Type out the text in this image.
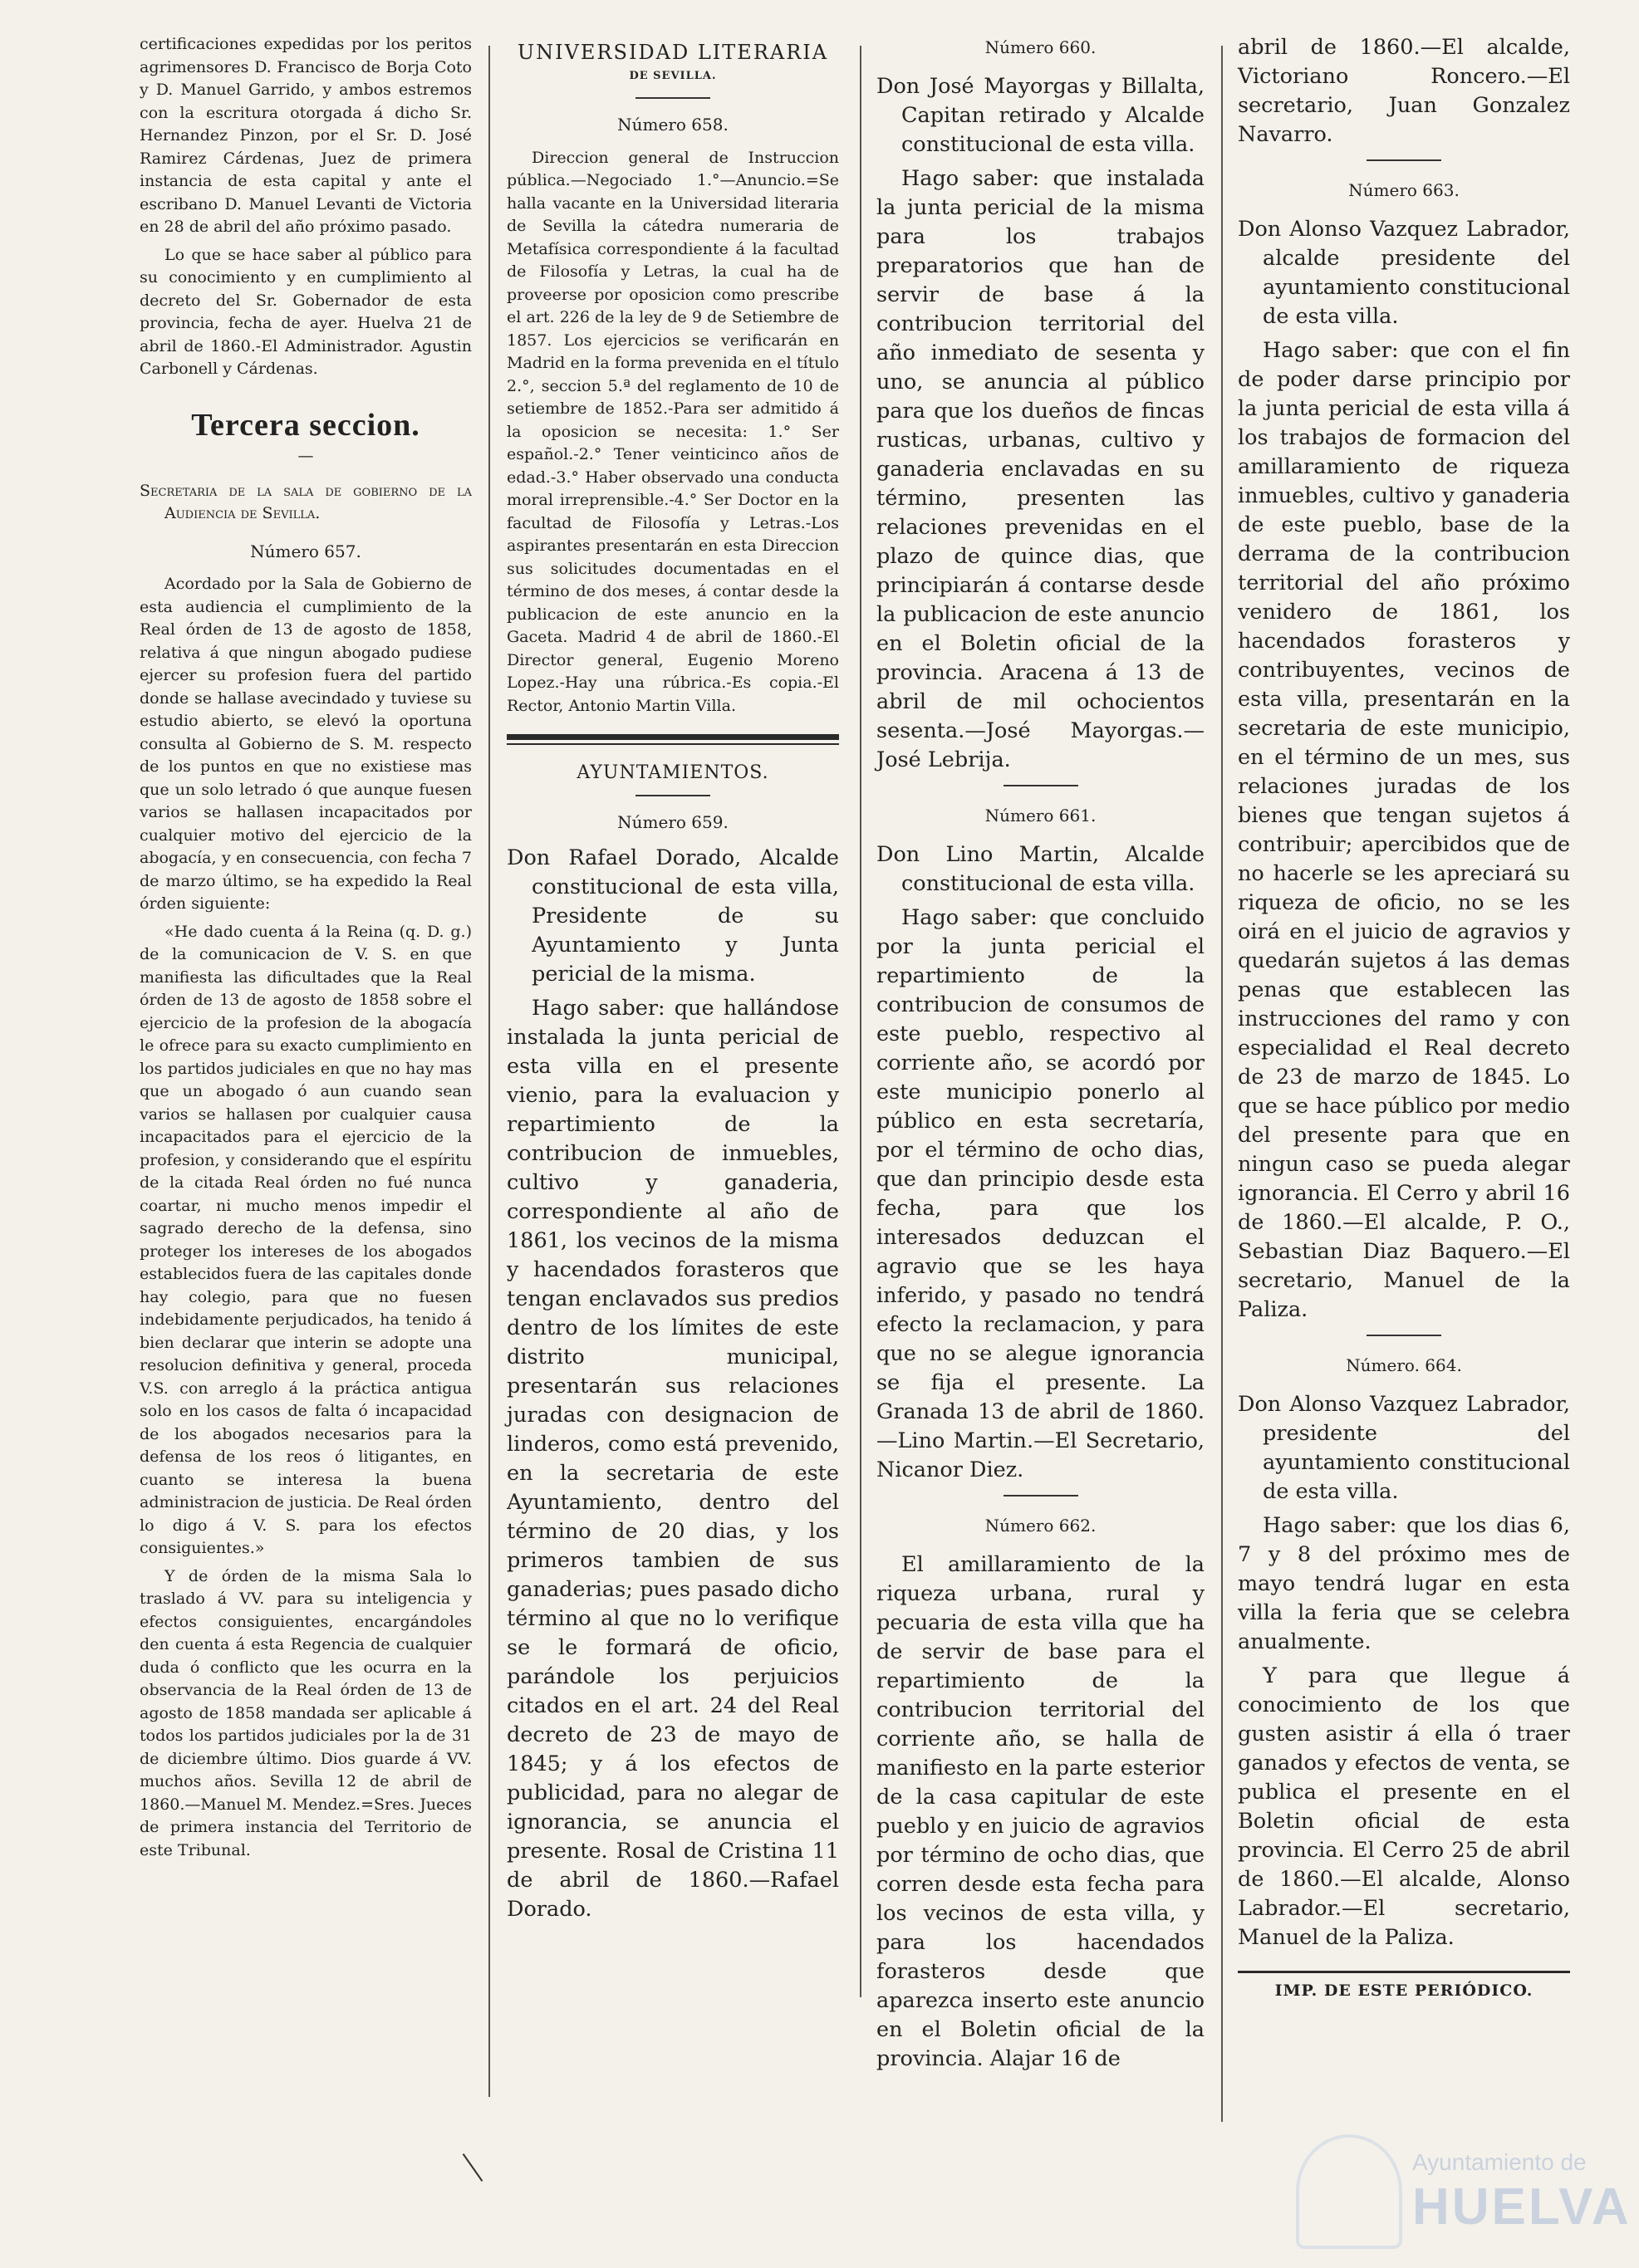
certificaciones expedidas por los peritos agrimensores D. Francisco de Borja Coto y D. Manuel Garrido, y ambos estremos con la escritura otorgada á dicho Sr. Hernandez Pinzon, por el Sr. D. José Ramirez Cárdenas, Juez de primera instancia de esta capital y ante el escribano D. Manuel Levanti de Victoria en 28 de abril del año próximo pasado.

Lo que se hace saber al público para su conocimiento y en cumplimiento al decreto del Sr. Gobernador de esta provincia, fecha de ayer. Huelva 21 de abril de 1860.-El Administrador. Agustin Carbonell y Cárdenas.

Tercera seccion.
—

Secretaria de la sala de gobierno de la Audiencia de Sevilla.

Número 657.

Acordado por la Sala de Gobierno de esta audiencia el cumplimiento de la Real órden de 13 de agosto de 1858, relativa á que ningun abogado pudiese ejercer su profesion fuera del partido donde se hallase avecindado y tuviese su estudio abierto, se elevó la oportuna consulta al Gobierno de S. M. respecto de los puntos en que no existiese mas que un solo letrado ó que aunque fuesen varios se hallasen incapacitados por cualquier motivo del ejercicio de la abogacía, y en consecuencia, con fecha 7 de marzo último, se ha expedido la Real órden siguiente:

«He dado cuenta á la Reina (q. D. g.) de la comunicacion de V. S. en que manifiesta las dificultades que la Real órden de 13 de agosto de 1858 sobre el ejercicio de la profesion de la abogacía le ofrece para su exacto cumplimiento en los partidos judiciales en que no hay mas que un abogado ó aun cuando sean varios se hallasen por cualquier causa incapacitados para el ejercicio de la profesion, y considerando que el espíritu de la citada Real órden no fué nunca coartar, ni mucho menos impedir el sagrado derecho de la defensa, sino proteger los intereses de los abogados establecidos fuera de las capitales donde hay colegio, para que no fuesen indebidamente perjudicados, ha tenido á bien declarar que interin se adopte una resolucion definitiva y general, proceda V.S. con arreglo á la práctica antigua solo en los casos de falta ó incapacidad de los abogados necesarios para la defensa de los reos ó litigantes, en cuanto se interesa la buena administracion de justicia. De Real órden lo digo á V. S. para los efectos consiguientes.»

Y de órden de la misma Sala lo traslado á VV. para su inteligencia y efectos consiguientes, encargándoles den cuenta á esta Regencia de cualquier duda ó conflicto que les ocurra en la observancia de la Real órden de 13 de agosto de 1858 mandada ser aplicable á todos los partidos judiciales por la de 31 de diciembre último. Dios guarde á VV. muchos años. Sevilla 12 de abril de 1860.—Manuel M. Mendez.=Sres. Jueces de primera instancia del Territorio de este Tribunal.

UNIVERSIDAD LITERARIA
DE SEVILLA.
Número 658.

Direccion general de Instruccion pública.—Negociado 1.°—Anuncio.=Se halla vacante en la Universidad literaria de Sevilla la cátedra numeraria de Metafísica correspondiente á la facultad de Filosofía y Letras, la cual ha de proveerse por oposicion como prescribe el art. 226 de la ley de 9 de Setiembre de 1857. Los ejercicios se verificarán en Madrid en la forma prevenida en el título 2.°, seccion 5.ª del reglamento de 10 de setiembre de 1852.-Para ser admitido á la oposicion se necesita: 1.° Ser español.-2.° Tener veinticinco años de edad.-3.° Haber observado una conducta moral irreprensible.-4.° Ser Doctor en la facultad de Filosofía y Letras.-Los aspirantes presentarán en esta Direccion sus solicitudes documentadas en el término de dos meses, á contar desde la publicacion de este anuncio en la Gaceta. Madrid 4 de abril de 1860.-El Director general, Eugenio Moreno Lopez.-Hay una rúbrica.-Es copia.-El Rector, Antonio Martin Villa.

AYUNTAMIENTOS.
Número 659.

Don Rafael Dorado, Alcalde constitucional de esta villa, Presidente de su Ayuntamiento y Junta pericial de la misma.

Hago saber: que hallándose instalada la junta pericial de esta villa en el presente vienio, para la evaluacion y repartimiento de la contribucion de inmuebles, cultivo y ganaderia, correspondiente al año de 1861, los vecinos de la misma y hacendados forasteros que tengan enclavados sus predios dentro de los límites de este distrito municipal, presentarán sus relaciones juradas con designacion de linderos, como está prevenido, en la secretaria de este Ayuntamiento, dentro del término de 20 dias, y los primeros tambien de sus ganaderias; pues pasado dicho término al que no lo verifique se le formará de oficio, parándole los perjuicios citados en el art. 24 del Real decreto de 23 de mayo de 1845; y á los efectos de publicidad, para no alegar de ignorancia, se anuncia el presente. Rosal de Cristina 11 de abril de 1860.—Rafael Dorado.

Número 660.

Don José Mayorgas y Billalta, Capitan retirado y Alcalde constitucional de esta villa.

Hago saber: que instalada la junta pericial de la misma para los trabajos preparatorios que han de servir de base á la contribucion territorial del año inmediato de sesenta y uno, se anuncia al público para que los dueños de fincas rusticas, urbanas, cultivo y ganaderia enclavadas en su término, presenten las relaciones prevenidas en el plazo de quince dias, que principiarán á contarse desde la publicacion de este anuncio en el Boletin oficial de la provincia. Aracena á 13 de abril de mil ochocientos sesenta.—José Mayorgas.—José Lebrija.

Número 661.

Don Lino Martin, Alcalde constitucional de esta villa.

Hago saber: que concluido por la junta pericial el repartimiento de la contribucion de consumos de este pueblo, respectivo al corriente año, se acordó por este municipio ponerlo al público en esta secretaría, por el término de ocho dias, que dan principio desde esta fecha, para que los interesados deduzcan el agravio que se les haya inferido, y pasado no tendrá efecto la reclamacion, y para que no se alegue ignorancia se fija el presente. La Granada 13 de abril de 1860.—Lino Martin.—El Secretario, Nicanor Diez.

Número 662.

El amillaramiento de la riqueza urbana, rural y pecuaria de esta villa que ha de servir de base para el repartimiento de la contribucion territorial del corriente año, se halla de manifiesto en la parte esterior de la casa capitular de este pueblo y en juicio de agravios por término de ocho dias, que corren desde esta fecha para los vecinos de esta villa, y para los hacendados forasteros desde que aparezca inserto este anuncio en el Boletin oficial de la provincia. Alajar 16 de

abril de 1860.—El alcalde, Victoriano Roncero.—El secretario, Juan Gonzalez Navarro.

Número 663.

Don Alonso Vazquez Labrador, alcalde presidente del ayuntamiento constitucional de esta villa.

Hago saber: que con el fin de poder darse principio por la junta pericial de esta villa á los trabajos de formacion del amillaramiento de riqueza inmuebles, cultivo y ganaderia de este pueblo, base de la derrama de la contribucion territorial del año próximo venidero de 1861, los hacendados forasteros y contribuyentes, vecinos de esta villa, presentarán en la secretaria de este municipio, en el término de un mes, sus relaciones juradas de los bienes que tengan sujetos á contribuir; apercibidos que de no hacerle se les apreciará su riqueza de oficio, no se les oirá en el juicio de agravios y quedarán sujetos á las demas penas que establecen las instrucciones del ramo y con especialidad el Real decreto de 23 de marzo de 1845. Lo que se hace público por medio del presente para que en ningun caso se pueda alegar ignorancia. El Cerro y abril 16 de 1860.—El alcalde, P. O., Sebastian Diaz Baquero.—El secretario, Manuel de la Paliza.

Número. 664.

Don Alonso Vazquez Labrador, presidente del ayuntamiento constitucional de esta villa.

Hago saber: que los dias 6, 7 y 8 del próximo mes de mayo tendrá lugar en esta villa la feria que se celebra anualmente.

Y para que llegue á conocimiento de los que gusten asistir á ella ó traer ganados y efectos de venta, se publica el presente en el Boletin oficial de esta provincia. El Cerro 25 de abril de 1860.—El alcalde, Alonso Labrador.—El secretario, Manuel de la Paliza.

IMP. DE ESTE PERIÓDICO.
Ayuntamiento de
HUELVA
